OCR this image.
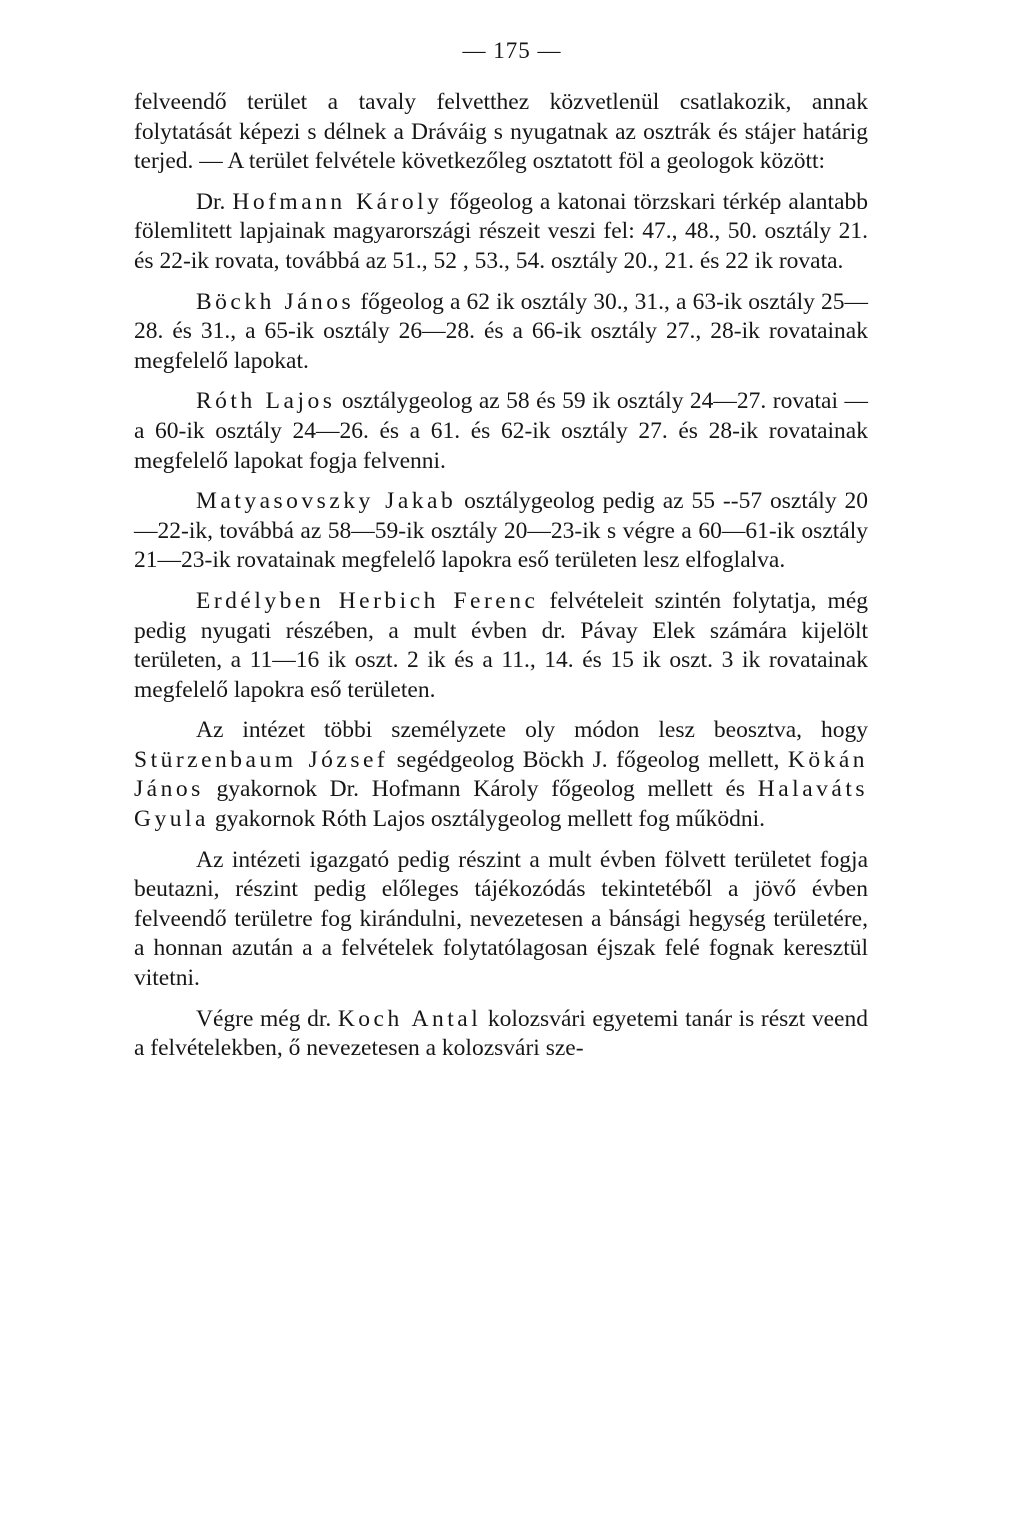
— 175 —

felveendő terület a tavaly felvetthez közvetlenül csatlakozik, annak folytatását képezi s délnek a Dráváig s nyugatnak az osztrák és stájer határig terjed. — A terület felvétele következőleg osztatott föl a geologok között:

Dr. Hofmann Károly főgeolog a katonai törzskari térkép alantabb fölemlitett lapjainak magyarországi részeit veszi fel: 47., 48., 50. osztály 21. és 22-ik rovata, továbbá az 51., 52 , 53., 54. osztály 20., 21. és 22 ik rovata.

Böckh János főgeolog a 62 ik osztály 30., 31., a 63-ik osztály 25—28. és 31., a 65-ik osztály 26—28. és a 66-ik osztály 27., 28-ik rovatainak megfelelő lapokat.

Róth Lajos osztálygeolog az 58 és 59 ik osztály 24—27. rovatai — a 60-ik osztály 24—26. és a 61. és 62-ik osztály 27. és 28-ik rovatainak megfelelő lapokat fogja felvenni.

Matyasovszky Jakab osztálygeolog pedig az 55 --57 osztály 20—22-ik, továbbá az 58—59-ik osztály 20—23-ik s végre a 60—61-ik osztály 21—23-ik rovatainak megfelelő lapokra eső területen lesz elfoglalva.

Erdélyben Herbich Ferenc felvételeit szintén folytatja, még pedig nyugati részében, a mult évben dr. Pávay Elek számára kijelölt területen, a 11—16 ik oszt. 2 ik és a 11., 14. és 15 ik oszt. 3 ik rovatainak megfelelő lapokra eső területen.

Az intézet többi személyzete oly módon lesz beosztva, hogy Stürzenbaum József segédgeolog Böckh J. főgeolog mellett, Kökán János gyakornok Dr. Hofmann Károly főgeolog mellett és Halaváts Gyula gyakornok Róth Lajos osztálygeolog mellett fog működni.

Az intézeti igazgató pedig részint a mult évben fölvett területet fogja beutazni, részint pedig előleges tájékozódás tekintetéből a jövő évben felveendő területre fog kirándulni, nevezetesen a bánsági hegység területére, a honnan azután a a felvételek folytatólagosan éjszak felé fognak keresztül vitetni.

Végre még dr. Koch Antal kolozsvári egyetemi tanár is részt veend a felvételekben, ő nevezetesen a kolozsvári sze-
